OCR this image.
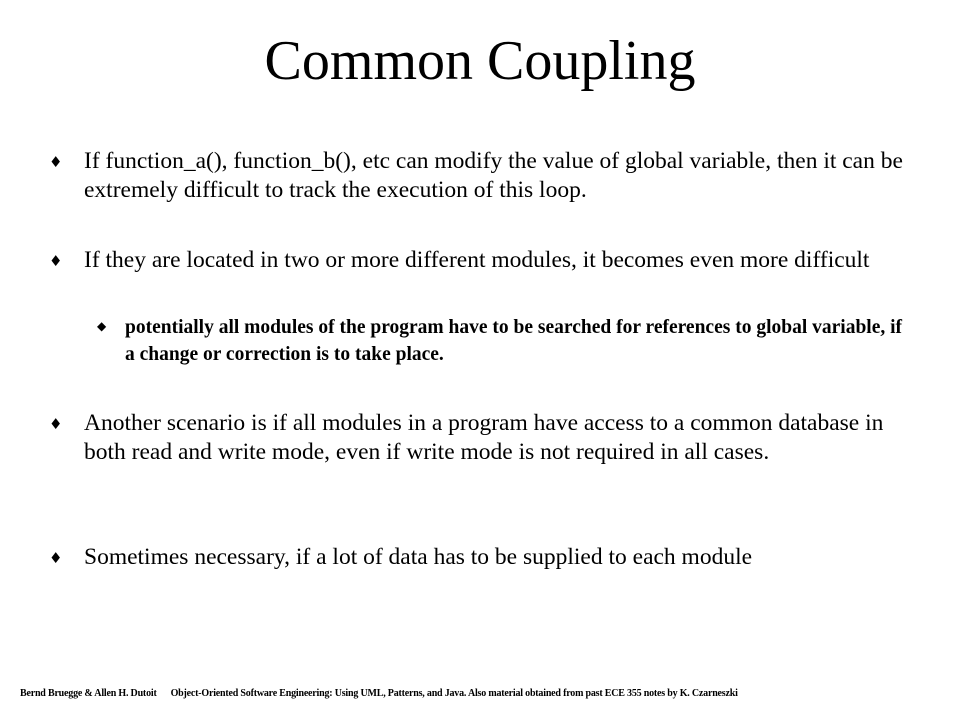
Common Coupling
♦ If function_a(), function_b(), etc can modify the value of global variable, then it can be extremely difficult to track the execution of this loop.
♦ If they are located in two or more different modules, it becomes even more difficult
◆ potentially all modules of the program have to be searched for references to global variable, if a change or correction is to take place.
♦ Another scenario is if all modules in a program have access to a common database in both read and write mode, even if write mode is not required in all cases.
♦ Sometimes necessary, if a lot of data has to be supplied to each module
Bernd Bruegge & Allen H. Dutoit Object-Oriented Software Engineering: Using UML, Patterns, and Java. Also material obtained from past ECE 355 notes by K. Czarneszki
